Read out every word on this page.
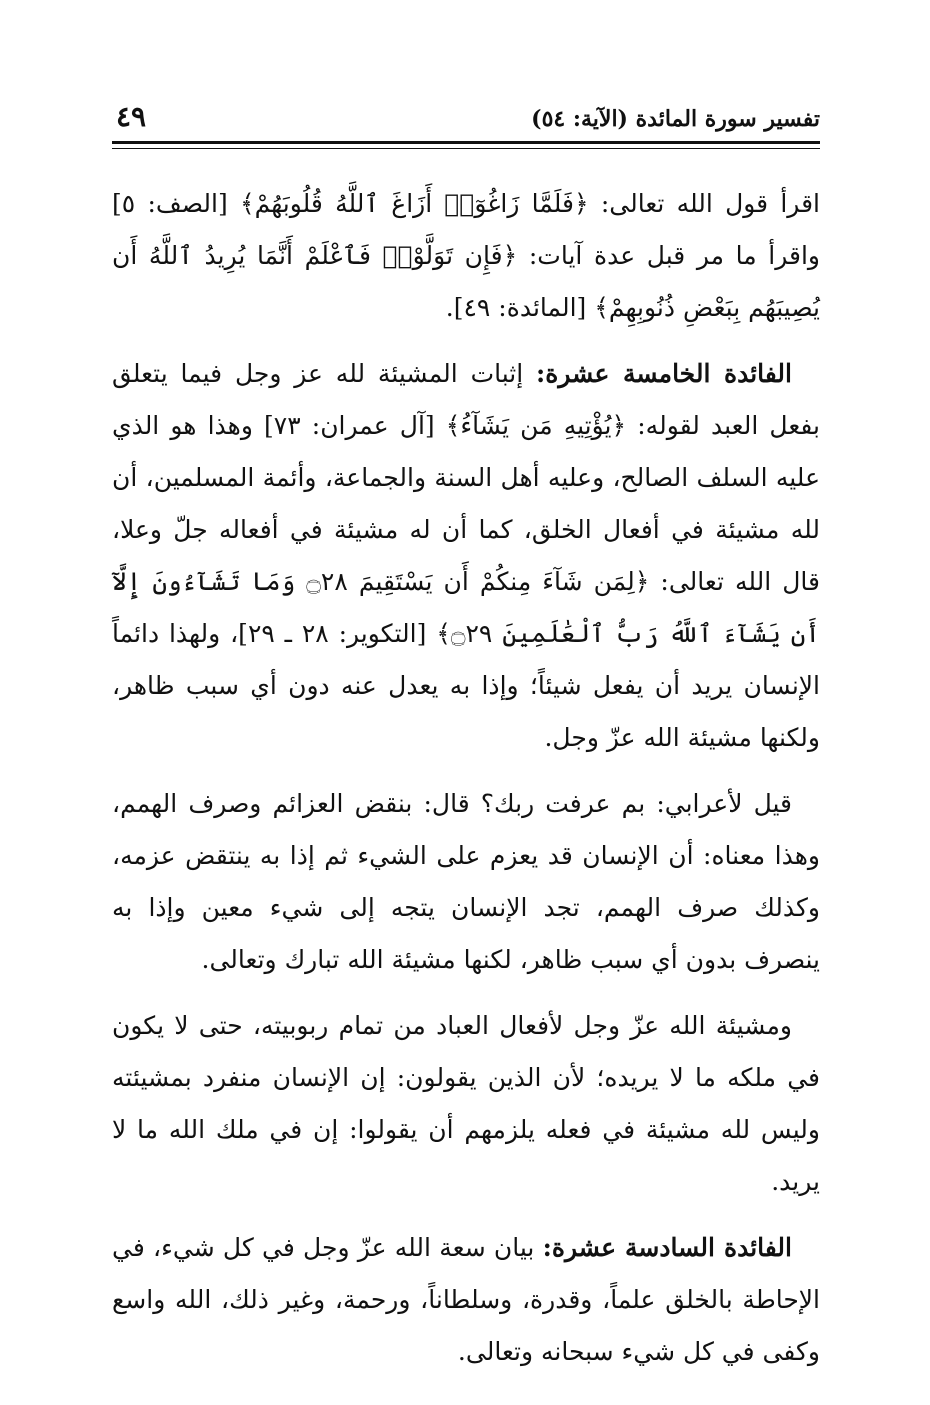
تفسير سورة المائدة (الآية: ٥٤)
٤٩

اقرأ قول الله تعالى: ﴿فَلَمَّا زَاغُوٓا۟ أَزَاغَ ٱللَّهُ قُلُوبَهُمْ﴾ [الصف: ٥] واقرأ ما مر قبل عدة آيات: ﴿فَإِن تَوَلَّوْا۟ فَٱعْلَمْ أَنَّمَا يُرِيدُ ٱللَّهُ أَن يُصِيبَهُم بِبَعْضِ ذُنُوبِهِمْ﴾ [المائدة: ٤٩].

الفائدة الخامسة عشرة: إثبات المشيئة لله عز وجل فيما يتعلق بفعل العبد لقوله: ﴿يُؤْتِيهِ مَن يَشَآءُ﴾ [آل عمران: ٧٣] وهذا هو الذي عليه السلف الصالح، وعليه أهل السنة والجماعة، وأئمة المسلمين، أن لله مشيئة في أفعال الخلق، كما أن له مشيئة في أفعاله جلّ وعلا، قال الله تعالى: ﴿لِمَن شَآءَ مِنكُمْ أَن يَسْتَقِيمَ ۝٢٨ وَمَا تَشَآءُونَ إِلَّآ أَن يَشَآءَ ٱللَّهُ رَبُّ ٱلْعَٰلَمِينَ ۝٢٩﴾ [التكوير: ٢٨ ـ ٢٩]، ولهذا دائماً الإنسان يريد أن يفعل شيئاً؛ وإذا به يعدل عنه دون أي سبب ظاهر، ولكنها مشيئة الله عزّ وجل.

قيل لأعرابي: بم عرفت ربك؟ قال: بنقض العزائم وصرف الهمم، وهذا معناه: أن الإنسان قد يعزم على الشيء ثم إذا به ينتقض عزمه، وكذلك صرف الهمم، تجد الإنسان يتجه إلى شيء معين وإذا به ينصرف بدون أي سبب ظاهر، لكنها مشيئة الله تبارك وتعالى.

ومشيئة الله عزّ وجل لأفعال العباد من تمام ربوبيته، حتى لا يكون في ملكه ما لا يريده؛ لأن الذين يقولون: إن الإنسان منفرد بمشيئته وليس لله مشيئة في فعله يلزمهم أن يقولوا: إن في ملك الله ما لا يريد.

الفائدة السادسة عشرة: بيان سعة الله عزّ وجل في كل شيء، في الإحاطة بالخلق علماً، وقدرة، وسلطاناً، ورحمة، وغير ذلك، الله واسع وكفى في كل شيء سبحانه وتعالى.
